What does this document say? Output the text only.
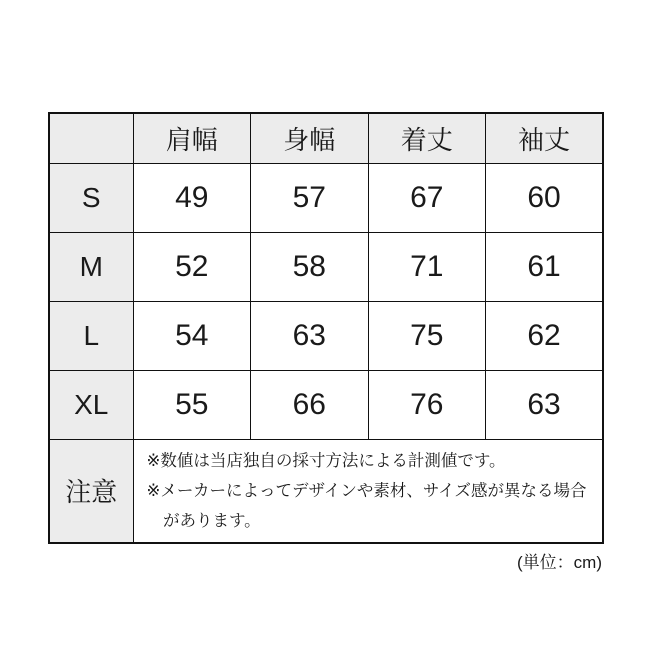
	肩幅	身幅	着丈	袖丈
S	49	57	67	60
M	52	58	71	61
L	54	63	75	62
XL	55	66	76	63
注意	※数値は当店独自の採寸方法による計測値です。

※メーカーによってデザインや素材、サイズ感が異なる場合があります。			

(単位：cm)
